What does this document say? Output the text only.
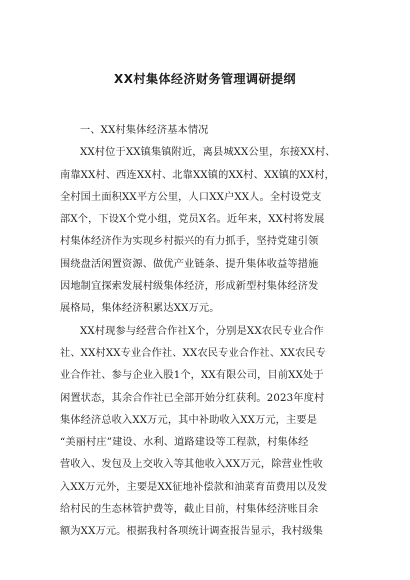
XX村集体经济财务管理调研提纲
一、XX村集体经济基本情况
XX村位于XX镇集镇附近，离县城XX公里，东接XX村、
南靠XX村、西连XX村、北靠XX镇的XX村、XX镇的XX村，
全村国土面积XX平方公里，人口XX户XX人。全村设党支
部X个，下设X个党小组，党员X名。近年来，XX村将发展
村集体经济作为实现乡村振兴的有力抓手，坚持党建引领
围绕盘活闲置资源、做优产业链条、提升集体收益等措施
因地制宜探索发展村级集体经济，形成新型村集体经济发
展格局，集体经济积累达XX万元。
XX村现参与经营合作社X个，分别是XX农民专业合作
社、XX村XX专业合作社、XX农民专业合作社、XX农民专
业合作社、参与企业入股1个，XX有限公司，目前XX处于
闲置状态，其余合作社已全部开始分红获利。2023年度村
集体经济总收入XX万元，其中补助收入XX万元，主要是
“美丽村庄”建设、水利、道路建设等工程款，村集体经
营收入、发包及上交收入等其他收入XX万元，除营业性收
入XX万元外，主要是XX征地补偿款和油菜育苗费用以及发
给村民的生态林管护费等，截止目前，村集体经济账目余
额为XX万元。根据我村各项统计调查报告显示，我村级集
